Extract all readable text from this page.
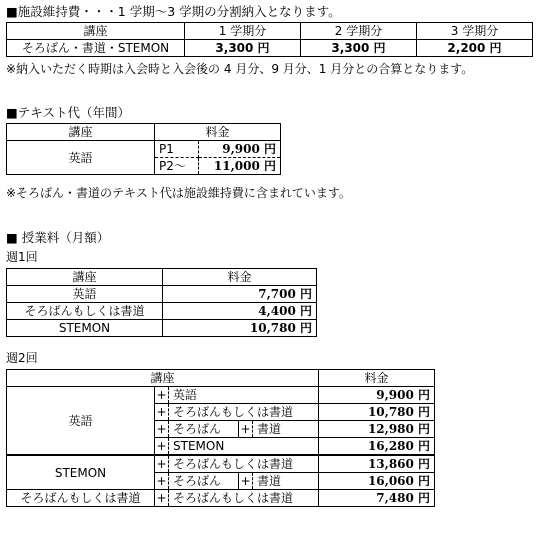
■施設維持費・・・1 学期～3 学期の分割納入となります。
講座	1 学期分	2 学期分	3 学期分
そろばん・書道・STEMON	3,300 円	3,300 円	2,200 円
※納入いただく時期は入会時と入会後の 4 月分、9 月分、1 月分との合算となります。
■テキスト代（年間）
講座	料金	
英語	P1	9,900 円
	P2～	11,000 円
※そろばん・書道のテキスト代は施設維持費に含まれています。
■ 授業料（月額）
週1回
講座	料金
英語	7,700 円
そろばんもしくは書道	4,400 円
STEMON	10,780 円
週2回
講座					料金
英語	+	英語			9,900 円
	+	そろばんもしくは書道			10,780 円
	+	そろばん	+	書道	12,980 円
	+	STEMON			16,280 円
STEMON	+	そろばんもしくは書道			13,860 円
	+	そろばん	+	書道	16,060 円
そろばんもしくは書道	+	そろばんもしくは書道			7,480 円
